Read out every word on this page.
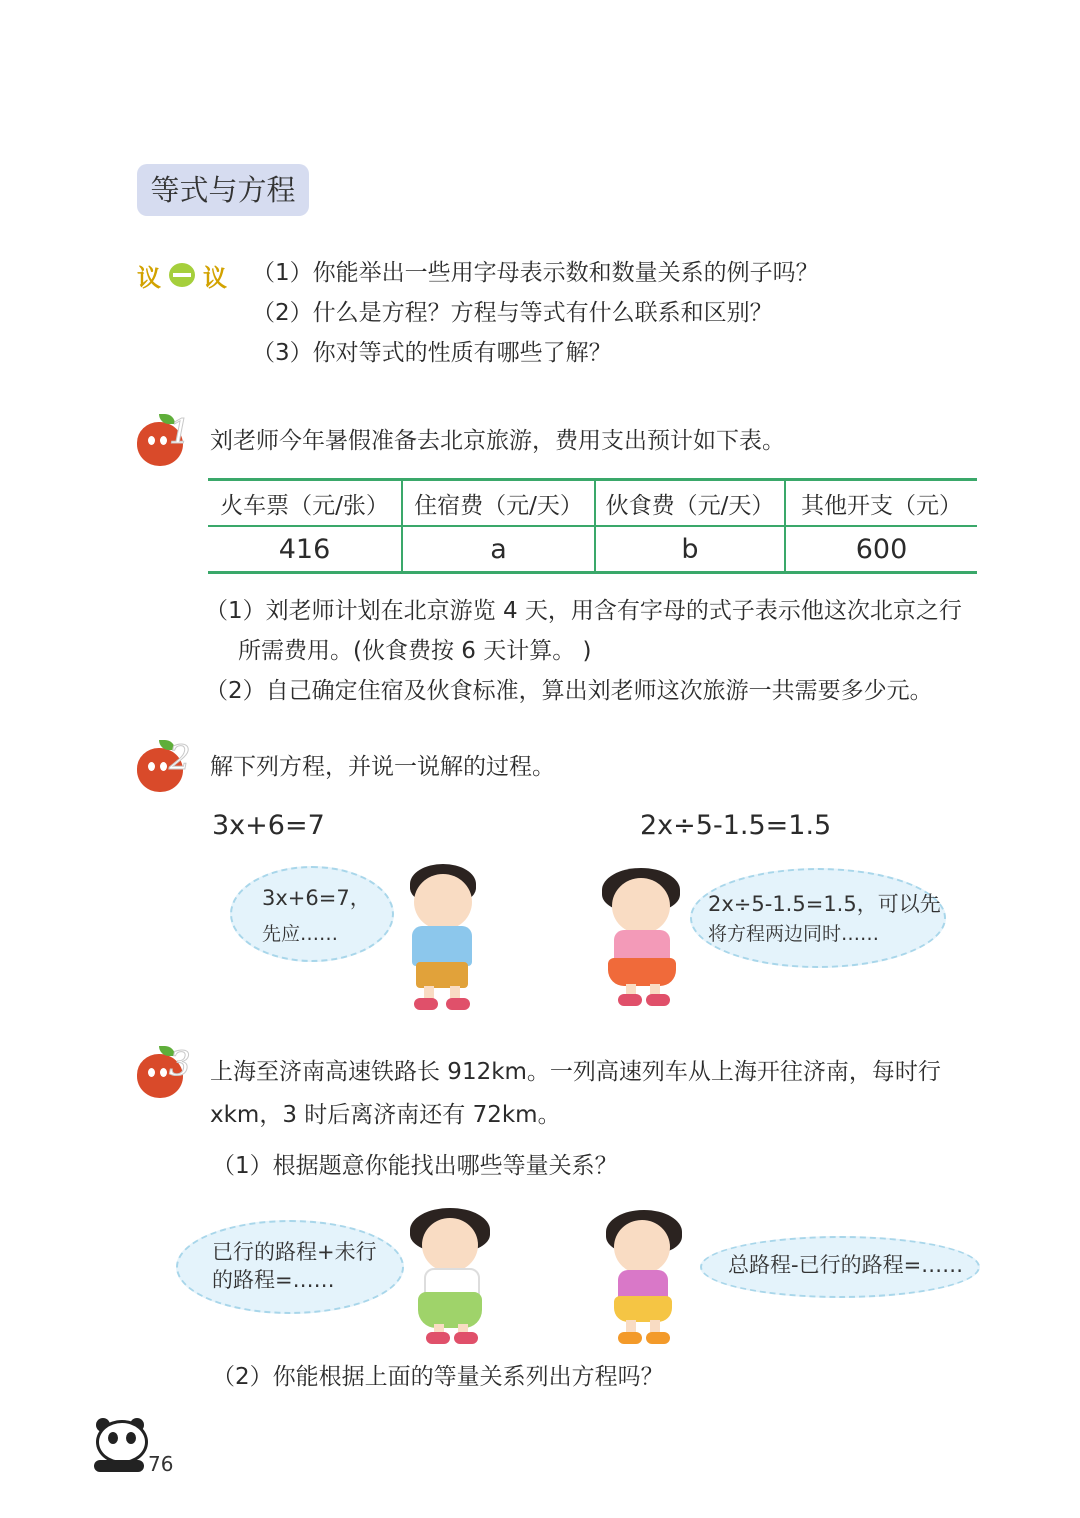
等式与方程
议 议 （1）你能举出一些用字母表示数和数量关系的例子吗？
（2）什么是方程？方程与等式有什么联系和区别？
（3）你对等式的性质有哪些了解？
1 刘老师今年暑假准备去北京旅游，费用支出预计如下表。
火车票（元/张）	住宿费（元/天）	伙食费（元/天）	其他开支（元）
416	a	b	600
（1）刘老师计划在北京游览 4 天，用含有字母的式子表示他这次北京之行
所需费用。(伙食费按 6 天计算。 )
（2）自己确定住宿及伙食标准，算出刘老师这次旅游一共需要多少元。
2 解下列方程，并说一说解的过程。
3x+6=7	2x÷5-1.5=1.5
3x+6=7，
先应……
2x÷5-1.5=1.5，可以先
将方程两边同时……
3 上海至济南高速铁路长 912km。一列高速列车从上海开往济南，每时行
xkm，3 时后离济南还有 72km。
（1）根据题意你能找出哪些等量关系？
已行的路程+未行
的路程=……
总路程-已行的路程=……
（2）你能根据上面的等量关系列出方程吗？
76
